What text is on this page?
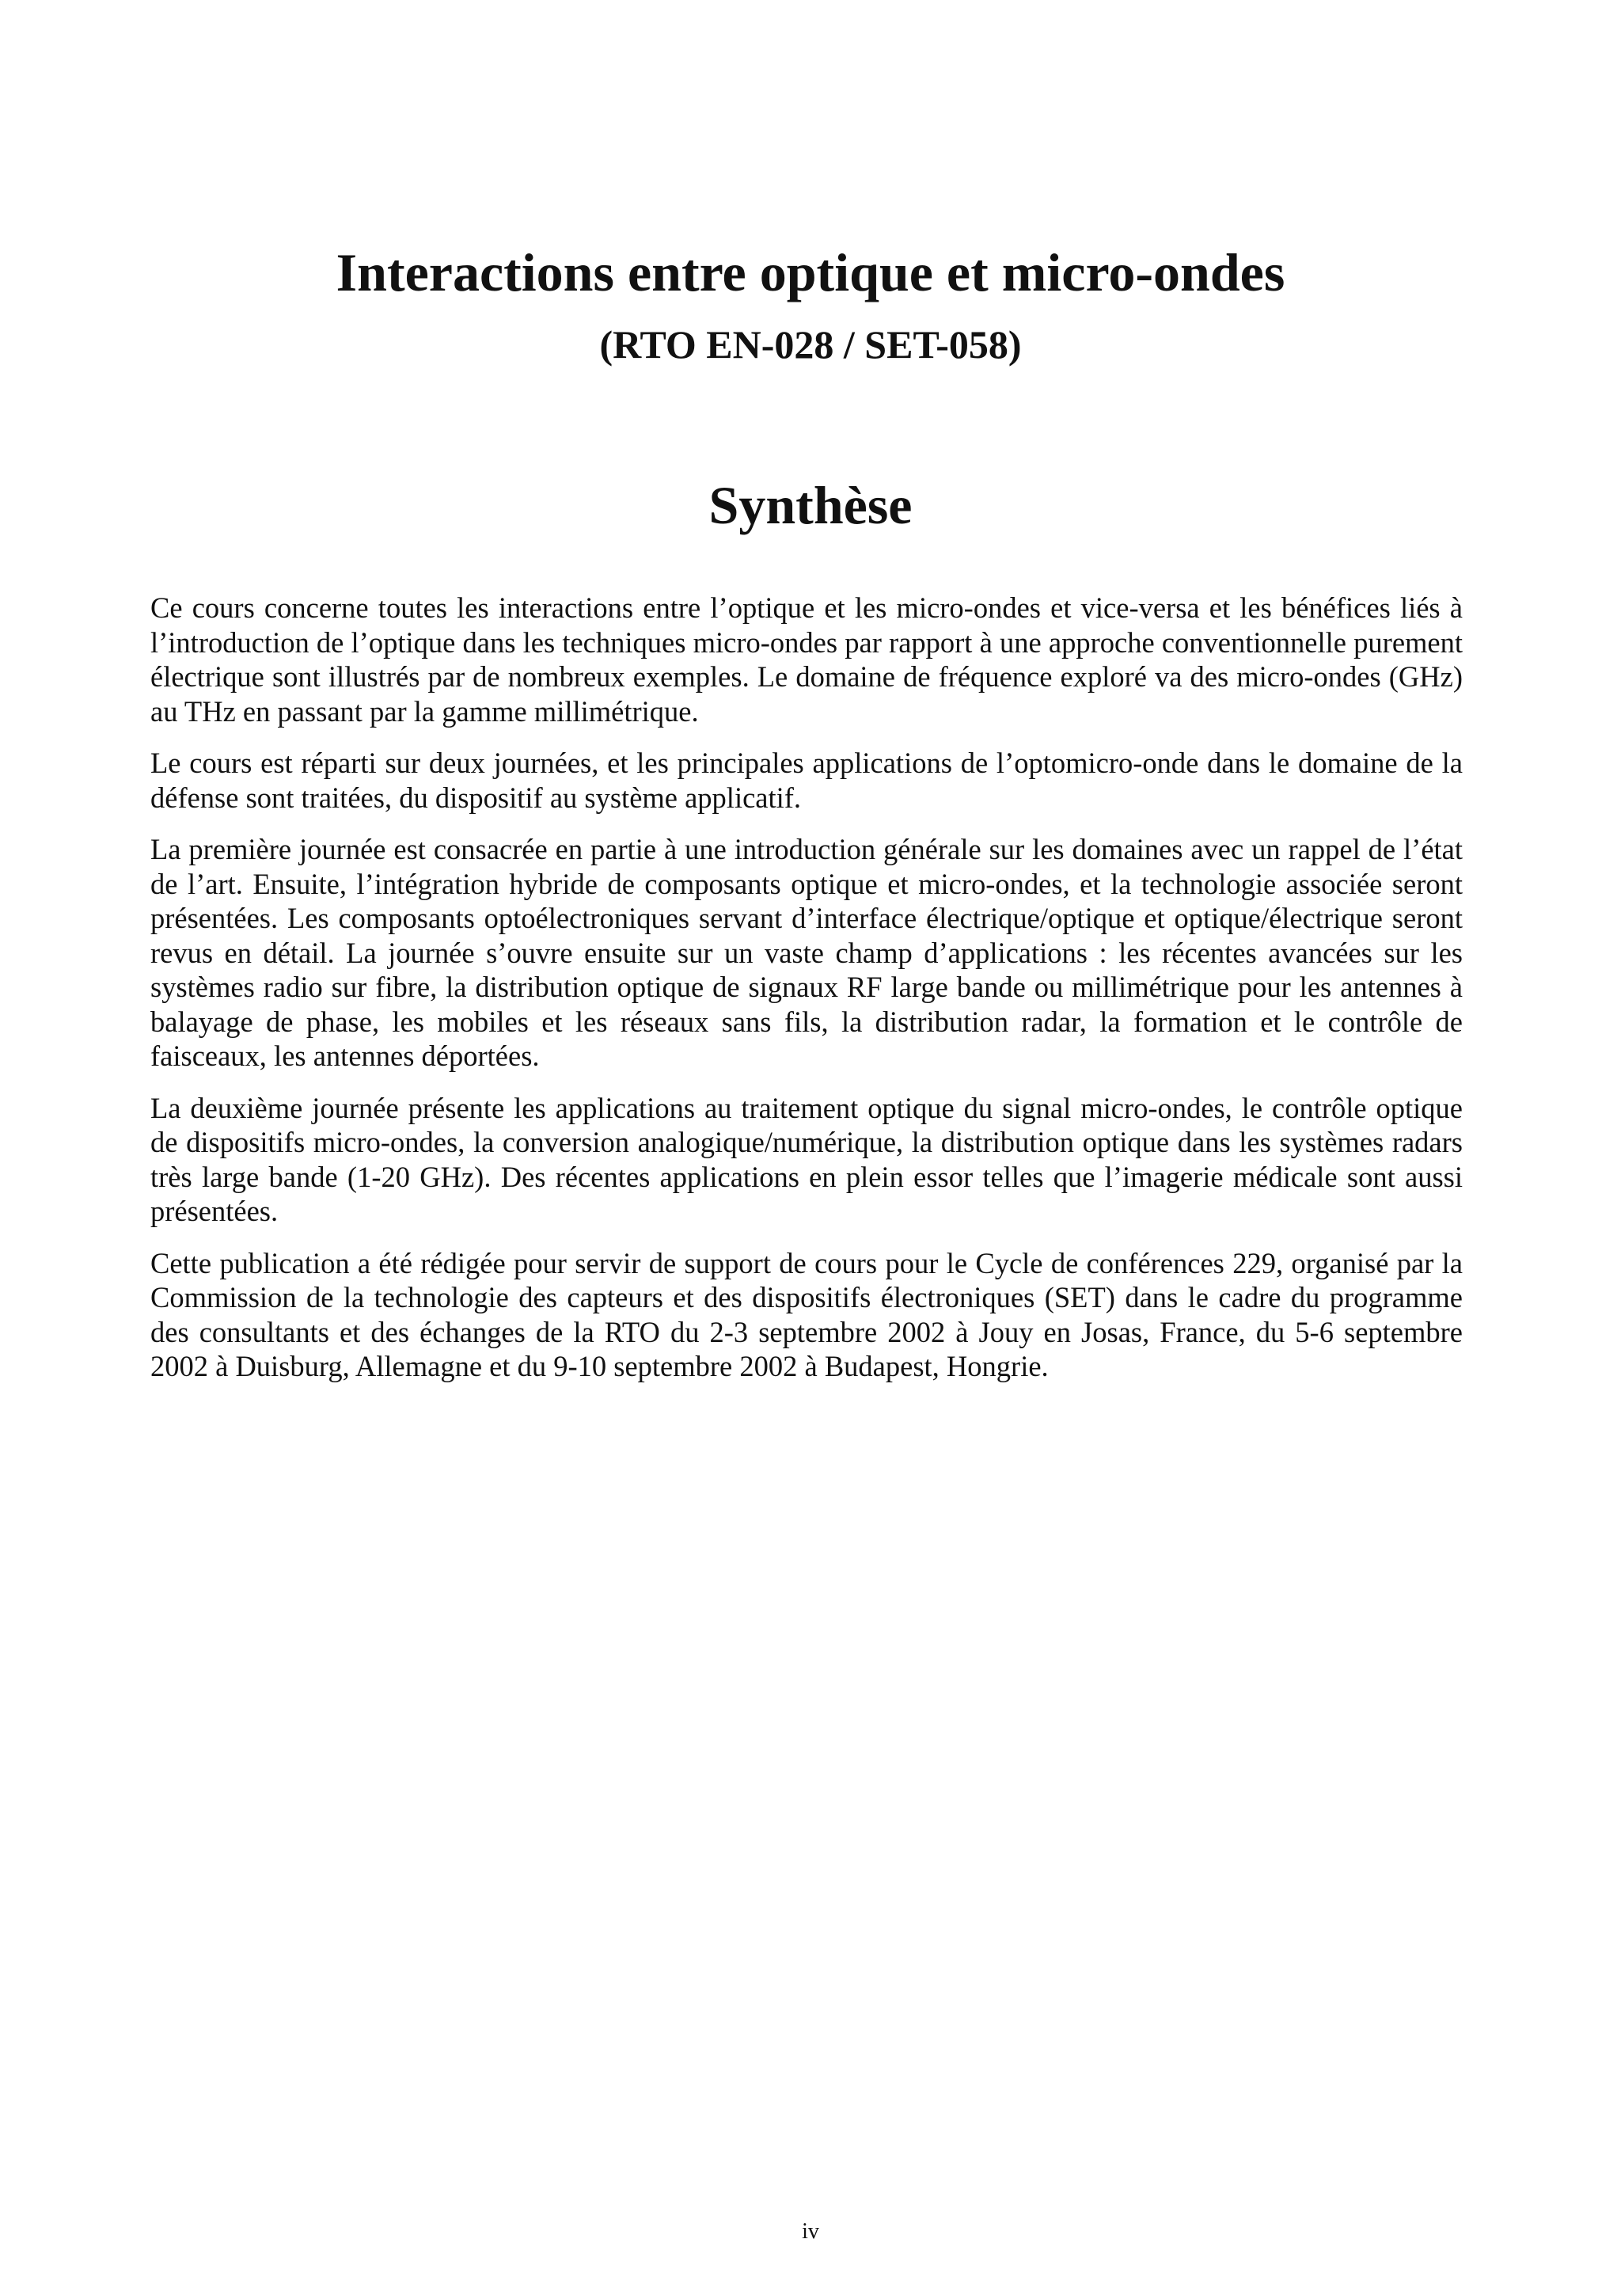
Interactions entre optique et micro-ondes
(RTO EN-028 / SET-058)
Synthèse

Ce cours concerne toutes les interactions entre l’optique et les micro-ondes et vice-versa et les bénéfices liés à l’introduction de l’optique dans les techniques micro-ondes par rapport à une approche conventionnelle purement électrique sont illustrés par de nombreux exemples. Le domaine de fréquence exploré va des micro-ondes (GHz) au THz en passant par la gamme millimétrique.

Le cours est réparti sur deux journées, et les principales applications de l’optomicro-onde dans le domaine de la défense sont traitées, du dispositif au système applicatif.

La première journée est consacrée en partie à une introduction générale sur les domaines avec un rappel de l’état de l’art. Ensuite, l’intégration hybride de composants optique et micro-ondes, et la technologie associée seront présentées. Les composants optoélectroniques servant d’interface électrique/optique et optique/électrique seront revus en détail. La journée s’ouvre ensuite sur un vaste champ d’applications : les récentes avancées sur les systèmes radio sur fibre, la distribution optique de signaux RF large bande ou millimétrique pour les antennes à balayage de phase, les mobiles et les réseaux sans fils, la distribution radar, la formation et le contrôle de faisceaux, les antennes déportées.

La deuxième journée présente les applications au traitement optique du signal micro-ondes, le contrôle optique de dispositifs micro-ondes, la conversion analogique/numérique, la distribution optique dans les systèmes radars très large bande (1-20 GHz). Des récentes applications en plein essor telles que l’imagerie médicale sont aussi présentées.

Cette publication a été rédigée pour servir de support de cours pour le Cycle de conférences 229, organisé par la Commission de la technologie des capteurs et des dispositifs électroniques (SET) dans le cadre du programme des consultants et des échanges de la RTO du 2-3 septembre 2002 à Jouy en Josas, France, du 5-6 septembre 2002 à Duisburg, Allemagne et du 9-10 septembre 2002 à Budapest, Hongrie.

iv
